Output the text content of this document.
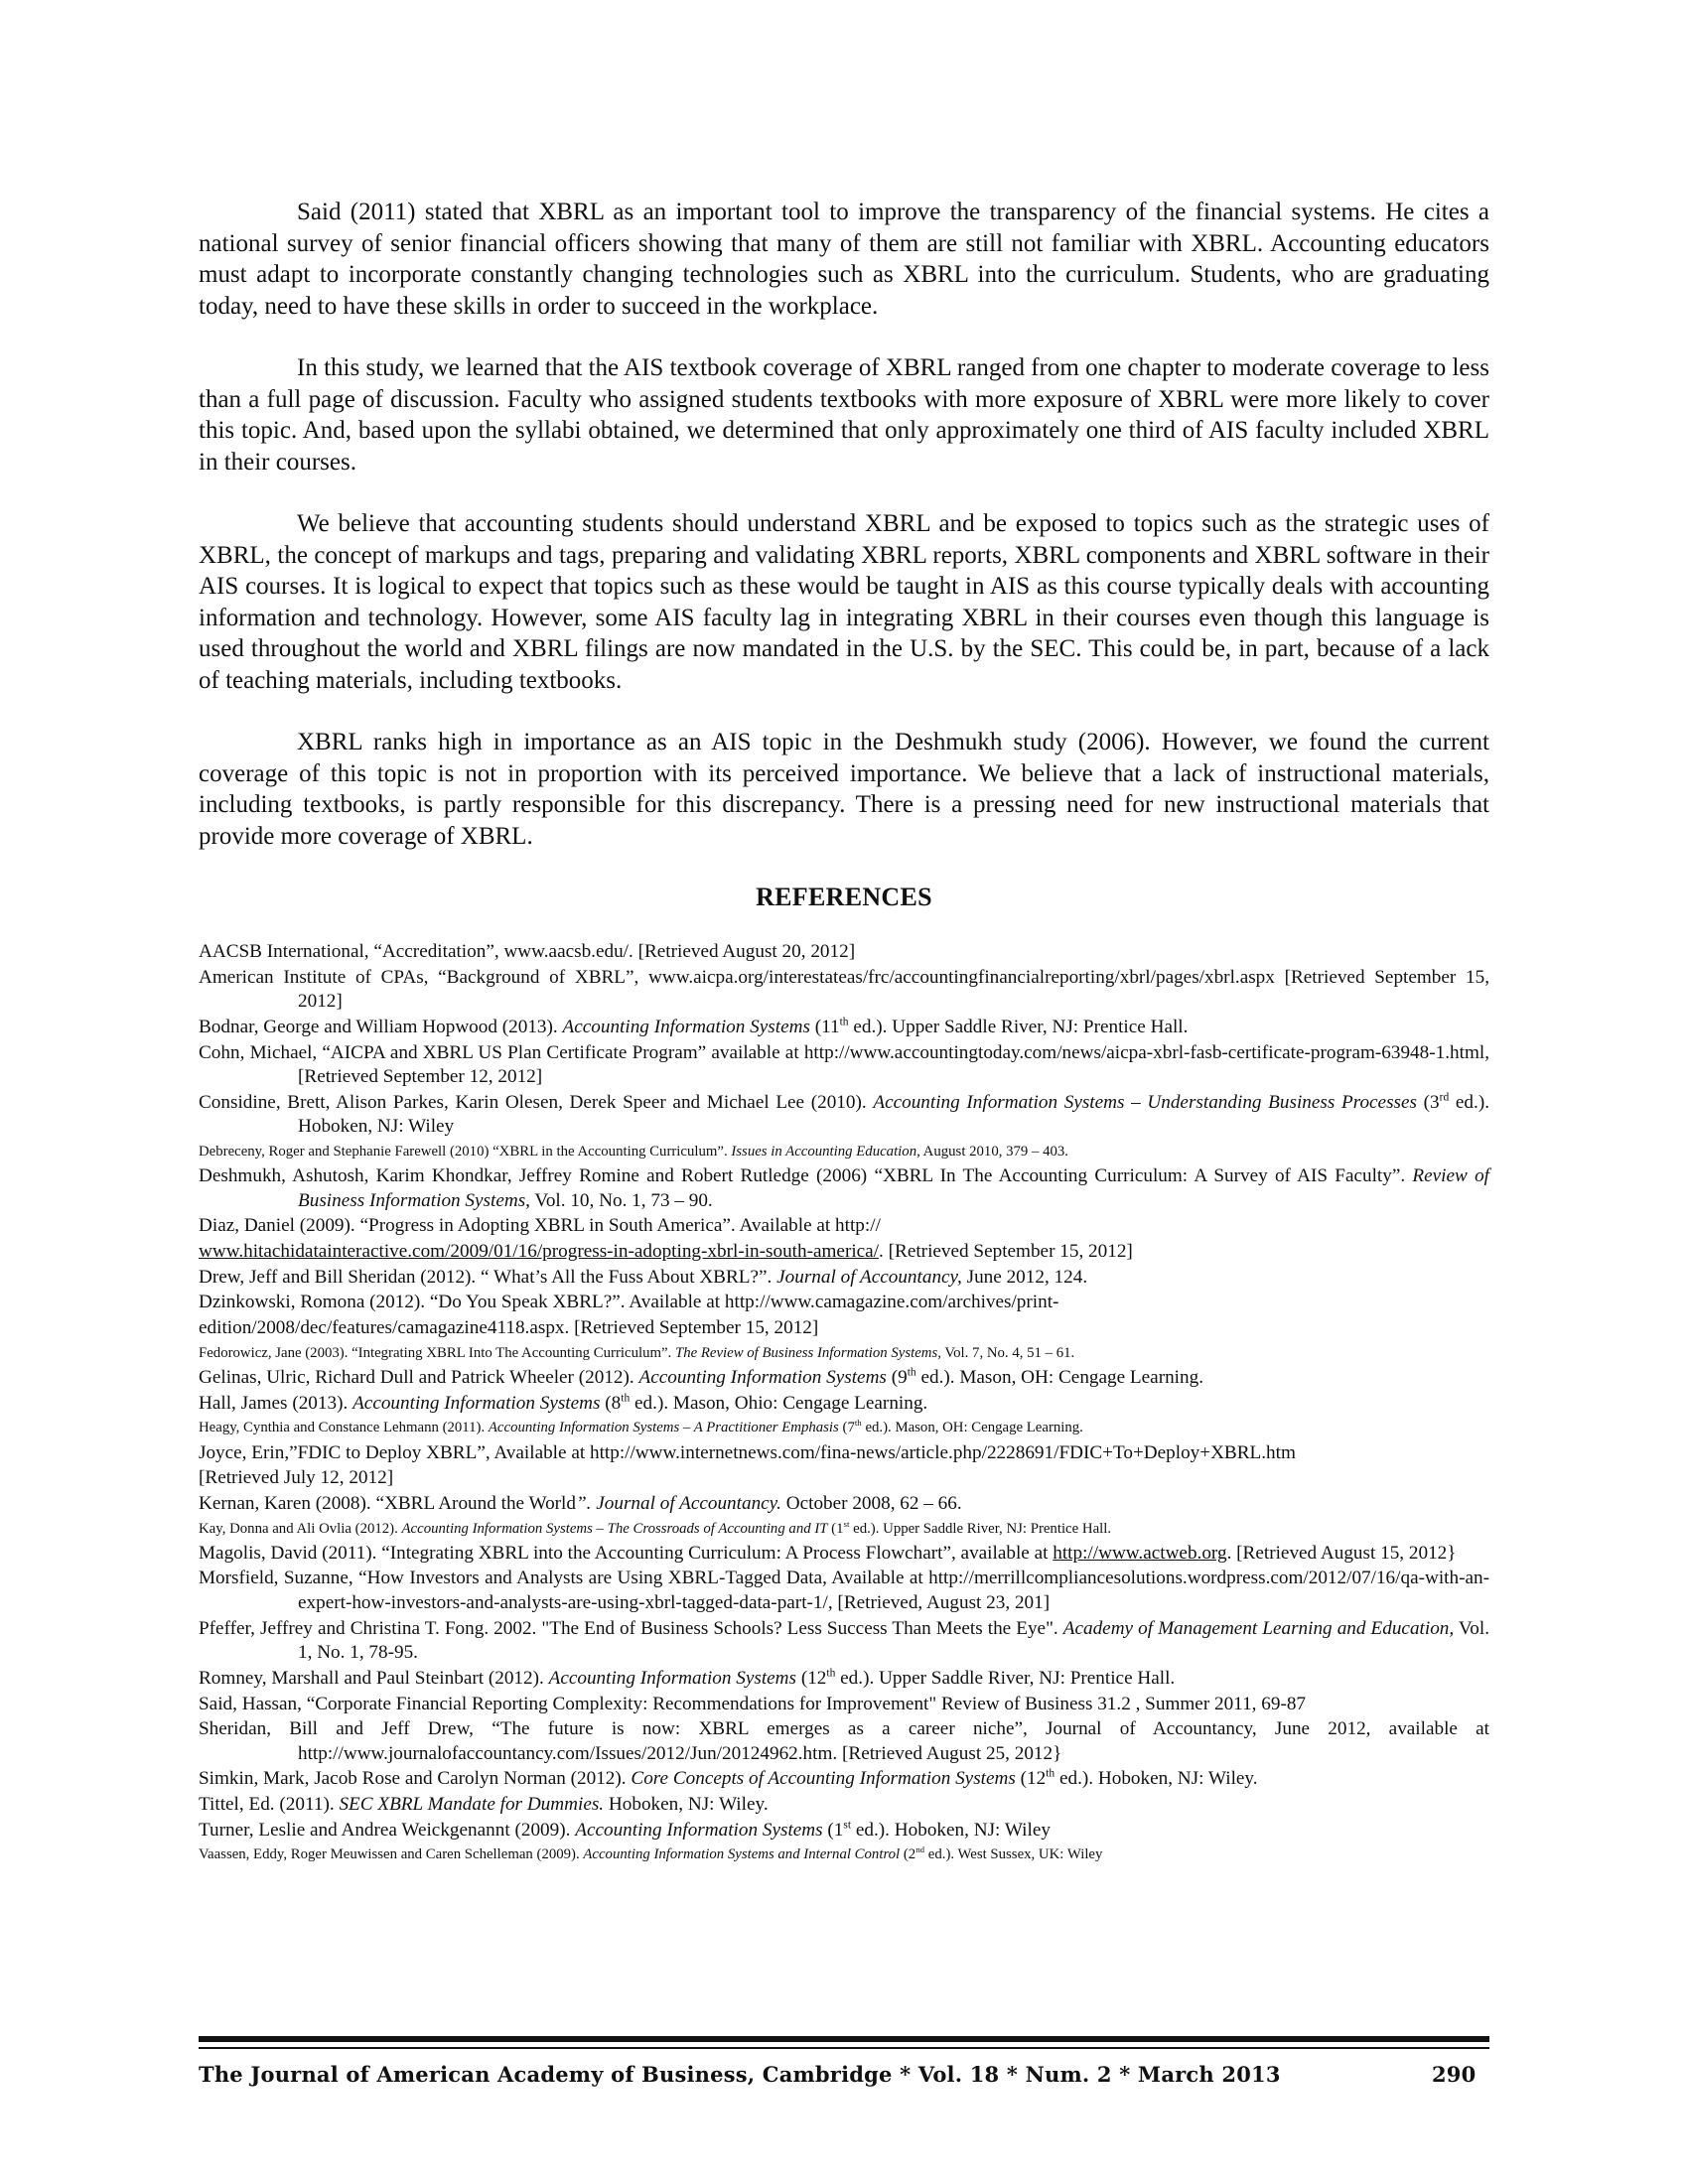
Said (2011) stated that XBRL as an important tool to improve the transparency of the financial systems. He cites a national survey of senior financial officers showing that many of them are still not familiar with XBRL. Accounting educators must adapt to incorporate constantly changing technologies such as XBRL into the curriculum. Students, who are graduating today, need to have these skills in order to succeed in the workplace.

In this study, we learned that the AIS textbook coverage of XBRL ranged from one chapter to moderate coverage to less than a full page of discussion. Faculty who assigned students textbooks with more exposure of XBRL were more likely to cover this topic. And, based upon the syllabi obtained, we determined that only approximately one third of AIS faculty included XBRL in their courses.

We believe that accounting students should understand XBRL and be exposed to topics such as the strategic uses of XBRL, the concept of markups and tags, preparing and validating XBRL reports, XBRL components and XBRL software in their AIS courses. It is logical to expect that topics such as these would be taught in AIS as this course typically deals with accounting information and technology. However, some AIS faculty lag in integrating XBRL in their courses even though this language is used throughout the world and XBRL filings are now mandated in the U.S. by the SEC. This could be, in part, because of a lack of teaching materials, including textbooks.

XBRL ranks high in importance as an AIS topic in the Deshmukh study (2006). However, we found the current coverage of this topic is not in proportion with its perceived importance. We believe that a lack of instructional materials, including textbooks, is partly responsible for this discrepancy. There is a pressing need for new instructional materials that provide more coverage of XBRL.

REFERENCES
AACSB International, “Accreditation”, www.aacsb.edu/. [Retrieved August 20, 2012]
American Institute of CPAs, “Background of XBRL”, www.aicpa.org/interestateas/frc/accountingfinancialreporting/xbrl/pages/xbrl.aspx [Retrieved September 15, 2012]
Bodnar, George and William Hopwood (2013). Accounting Information Systems (11th ed.). Upper Saddle River, NJ: Prentice Hall.
Cohn, Michael, “AICPA and XBRL US Plan Certificate Program” available at http://www.accountingtoday.com/news/aicpa-xbrl-fasb-certificate-program-63948-1.html, [Retrieved September 12, 2012]
Considine, Brett, Alison Parkes, Karin Olesen, Derek Speer and Michael Lee (2010). Accounting Information Systems – Understanding Business Processes (3rd ed.). Hoboken, NJ: Wiley
Debreceny, Roger and Stephanie Farewell (2010) “XBRL in the Accounting Curriculum”. Issues in Accounting Education, August 2010, 379 – 403.
Deshmukh, Ashutosh, Karim Khondkar, Jeffrey Romine and Robert Rutledge (2006) “XBRL In The Accounting Curriculum: A Survey of AIS Faculty”. Review of Business Information Systems, Vol. 10, No. 1, 73 – 90.
Diaz, Daniel (2009). “Progress in Adopting XBRL in South America”. Available at http://
www.hitachidatainteractive.com/2009/01/16/progress-in-adopting-xbrl-in-south-america/. [Retrieved September 15, 2012]
Drew, Jeff and Bill Sheridan (2012). “ What’s All the Fuss About XBRL?”. Journal of Accountancy, June 2012, 124.
Dzinkowski, Romona (2012). “Do You Speak XBRL?”. Available at http://www.camagazine.com/archives/print-
edition/2008/dec/features/camagazine4118.aspx. [Retrieved September 15, 2012]
Fedorowicz, Jane (2003). “Integrating XBRL Into The Accounting Curriculum”. The Review of Business Information Systems, Vol. 7, No. 4, 51 – 61.
Gelinas, Ulric, Richard Dull and Patrick Wheeler (2012). Accounting Information Systems (9th ed.). Mason, OH: Cengage Learning.
Hall, James (2013). Accounting Information Systems (8th ed.). Mason, Ohio: Cengage Learning.
Heagy, Cynthia and Constance Lehmann (2011). Accounting Information Systems – A Practitioner Emphasis (7th ed.). Mason, OH: Cengage Learning.
Joyce, Erin,”FDIC to Deploy XBRL”, Available at http://www.internetnews.com/fina-news/article.php/2228691/FDIC+To+Deploy+XBRL.htm
[Retrieved July 12, 2012]
Kernan, Karen (2008). “XBRL Around the World”. Journal of Accountancy. October 2008, 62 – 66.
Kay, Donna and Ali Ovlia (2012). Accounting Information Systems – The Crossroads of Accounting and IT (1st ed.). Upper Saddle River, NJ: Prentice Hall.
Magolis, David (2011). “Integrating XBRL into the Accounting Curriculum: A Process Flowchart”, available at http://www.actweb.org. [Retrieved August 15, 2012}
Morsfield, Suzanne, “How Investors and Analysts are Using XBRL-Tagged Data, Available at http://merrillcompliancesolutions.wordpress.com/2012/07/16/qa-with-an-expert-how-investors-and-analysts-are-using-xbrl-tagged-data-part-1/, [Retrieved, August 23, 201]
Pfeffer, Jeffrey and Christina T. Fong. 2002. "The End of Business Schools? Less Success Than Meets the Eye". Academy of Management Learning and Education, Vol. 1, No. 1, 78-95.
Romney, Marshall and Paul Steinbart (2012). Accounting Information Systems (12th ed.). Upper Saddle River, NJ: Prentice Hall.
Said, Hassan, “Corporate Financial Reporting Complexity: Recommendations for Improvement" Review of Business 31.2 , Summer 2011, 69-87
Sheridan, Bill and Jeff Drew, “The future is now: XBRL emerges as a career niche”, Journal of Accountancy, June 2012, available at http://www.journalofaccountancy.com/Issues/2012/Jun/20124962.htm. [Retrieved August 25, 2012}
Simkin, Mark, Jacob Rose and Carolyn Norman (2012). Core Concepts of Accounting Information Systems (12th ed.). Hoboken, NJ: Wiley.
Tittel, Ed. (2011). SEC XBRL Mandate for Dummies. Hoboken, NJ: Wiley.
Turner, Leslie and Andrea Weickgenannt (2009). Accounting Information Systems (1st ed.). Hoboken, NJ: Wiley
Vaassen, Eddy, Roger Meuwissen and Caren Schelleman (2009). Accounting Information Systems and Internal Control (2nd ed.). West Sussex, UK: Wiley
The Journal of American Academy of Business, Cambridge * Vol. 18 * Num. 2 * March 2013	290
